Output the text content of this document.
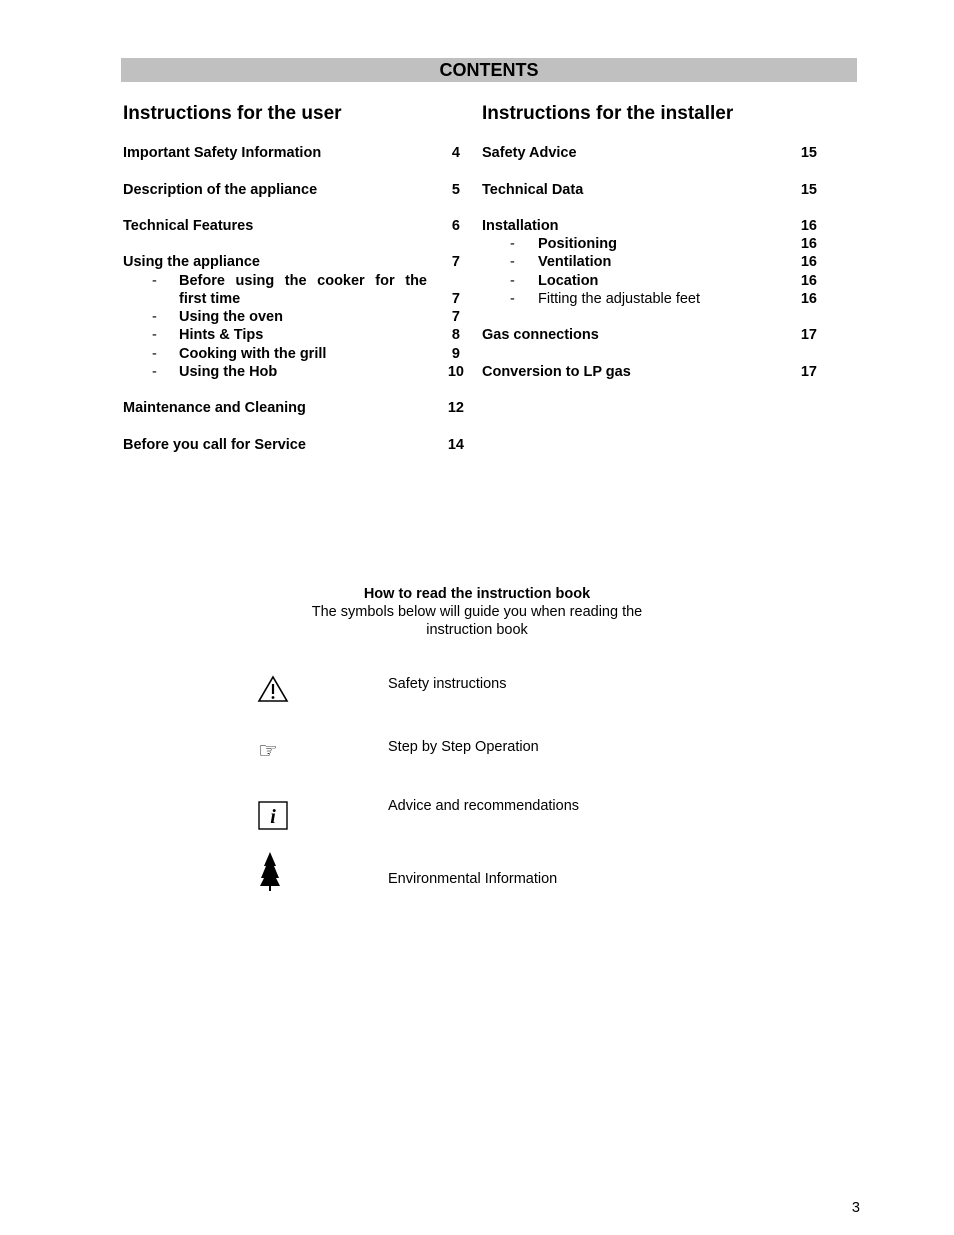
CONTENTS
Instructions for the user
Important Safety Information	4
Description of the appliance	5
Technical Features	6
Using the appliance	7
- Before using the cooker for the
first time	7
- Using the oven	7
- Hints & Tips	8
- Cooking with the grill	9
- Using the Hob	10
Maintenance and Cleaning	12
Before you call for Service	14
Instructions for the installer
Safety Advice	15
Technical Data	15
Installation	16
- Positioning	16
- Ventilation	16
- Location	16
- Fitting the adjustable feet	16
Gas connections	17
Conversion to LP gas	17
How to read the instruction book
The symbols below will guide you when reading the
instruction book
Safety instructions
☞	Step by Step Operation
i	Advice and recommendations
Environmental Information
3
